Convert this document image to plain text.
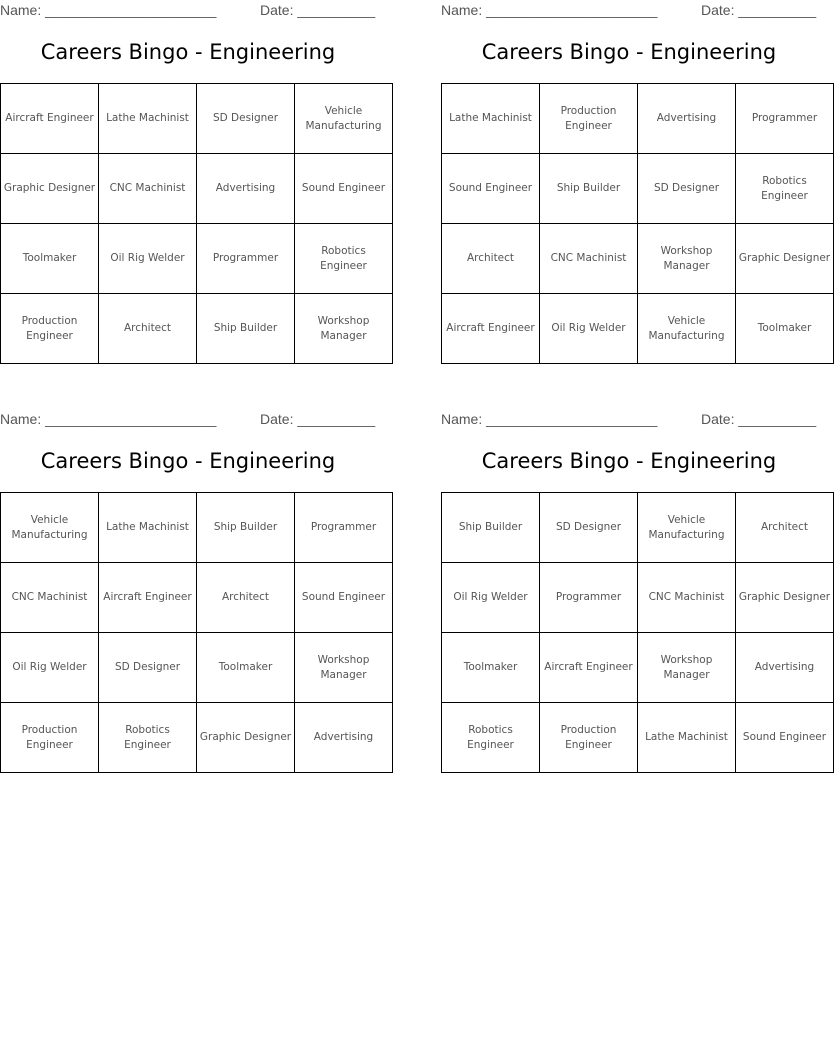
Name: ______________________	Date: __________
Careers Bingo - Engineering
Aircraft Engineer	Lathe Machinist	SD Designer	Vehicle Manufacturing
Graphic Designer	CNC Machinist	Advertising	Sound Engineer
Toolmaker	Oil Rig Welder	Programmer	Robotics Engineer
Production Engineer	Architect	Ship Builder	Workshop Manager
Name: ______________________	Date: __________
Careers Bingo - Engineering
Lathe Machinist	Production Engineer	Advertising	Programmer
Sound Engineer	Ship Builder	SD Designer	Robotics Engineer
Architect	CNC Machinist	Workshop Manager	Graphic Designer
Aircraft Engineer	Oil Rig Welder	Vehicle Manufacturing	Toolmaker
Name: ______________________	Date: __________
Careers Bingo - Engineering
Vehicle Manufacturing	Lathe Machinist	Ship Builder	Programmer
CNC Machinist	Aircraft Engineer	Architect	Sound Engineer
Oil Rig Welder	SD Designer	Toolmaker	Workshop Manager
Production Engineer	Robotics Engineer	Graphic Designer	Advertising
Name: ______________________	Date: __________
Careers Bingo - Engineering
Ship Builder	SD Designer	Vehicle Manufacturing	Architect
Oil Rig Welder	Programmer	CNC Machinist	Graphic Designer
Toolmaker	Aircraft Engineer	Workshop Manager	Advertising
Robotics Engineer	Production Engineer	Lathe Machinist	Sound Engineer
